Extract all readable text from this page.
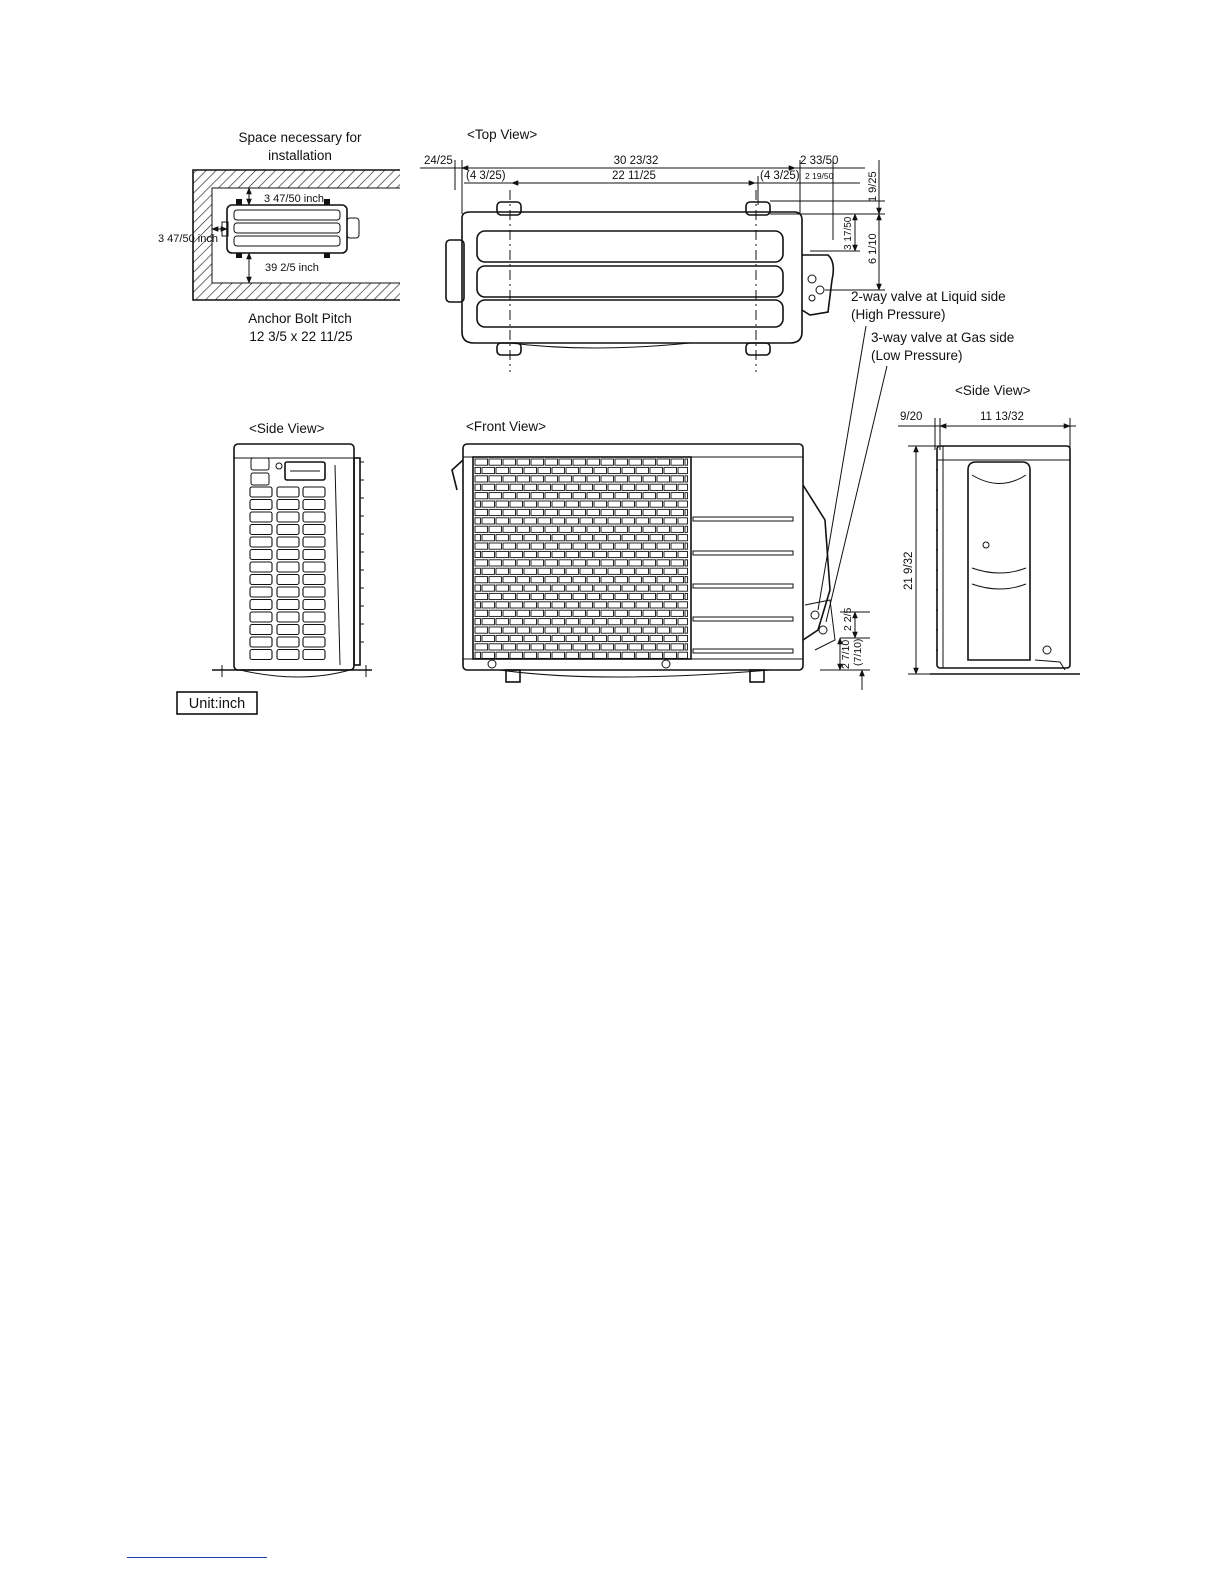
Space necessary for
installation
3 47/50 inch
3 47/50 inch
39 2/5 inch
Anchor Bolt Pitch
12 3/5 x 22 11/25
<Top View>
24/25	30 23/32	2 33/50
(4 3/25)	22 11/25	(4 3/25) 2 19/50	1 9/25
3 17/50 6 1/10
2-way valve at Liquid side
(High Pressure)
3-way valve at Gas side
(Low Pressure)
<Side View>	<Front View>
2 7/10
2 2/5
(7/10)
<Side View>
9/20	11 13/32
21 9/32
Unit:inch
